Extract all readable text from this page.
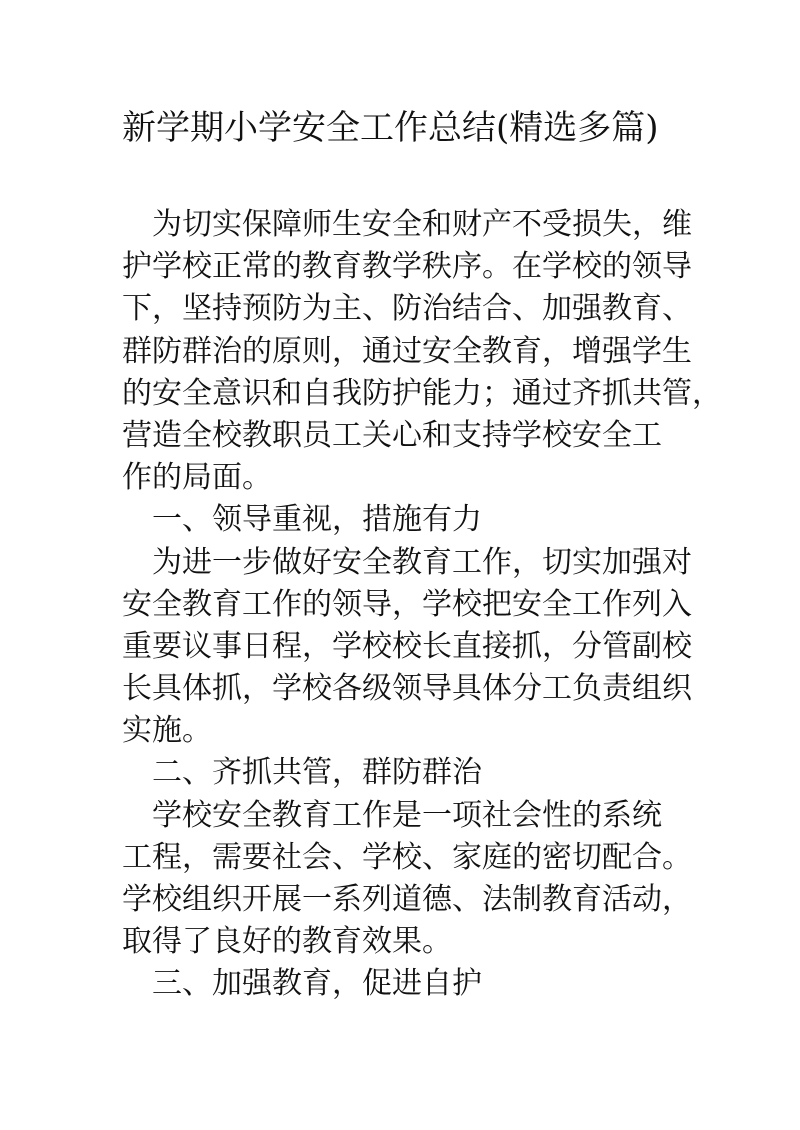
新学期小学安全工作总结(精选多篇)
为切实保障师生安全和财产不受损失，维
护学校正常的教育教学秩序。在学校的领导
下，坚持预防为主、防治结合、加强教育、
群防群治的原则，通过安全教育，增强学生
的安全意识和自我防护能力；通过齐抓共管，
营造全校教职员工关心和支持学校安全工
作的局面。
一、领导重视，措施有力
为进一步做好安全教育工作，切实加强对
安全教育工作的领导，学校把安全工作列入
重要议事日程，学校校长直接抓，分管副校
长具体抓，学校各级领导具体分工负责组织
实施。
二、齐抓共管，群防群治
学校安全教育工作是一项社会性的系统
工程，需要社会、学校、家庭的密切配合。
学校组织开展一系列道德、法制教育活动，
取得了良好的教育效果。
三、加强教育，促进自护
